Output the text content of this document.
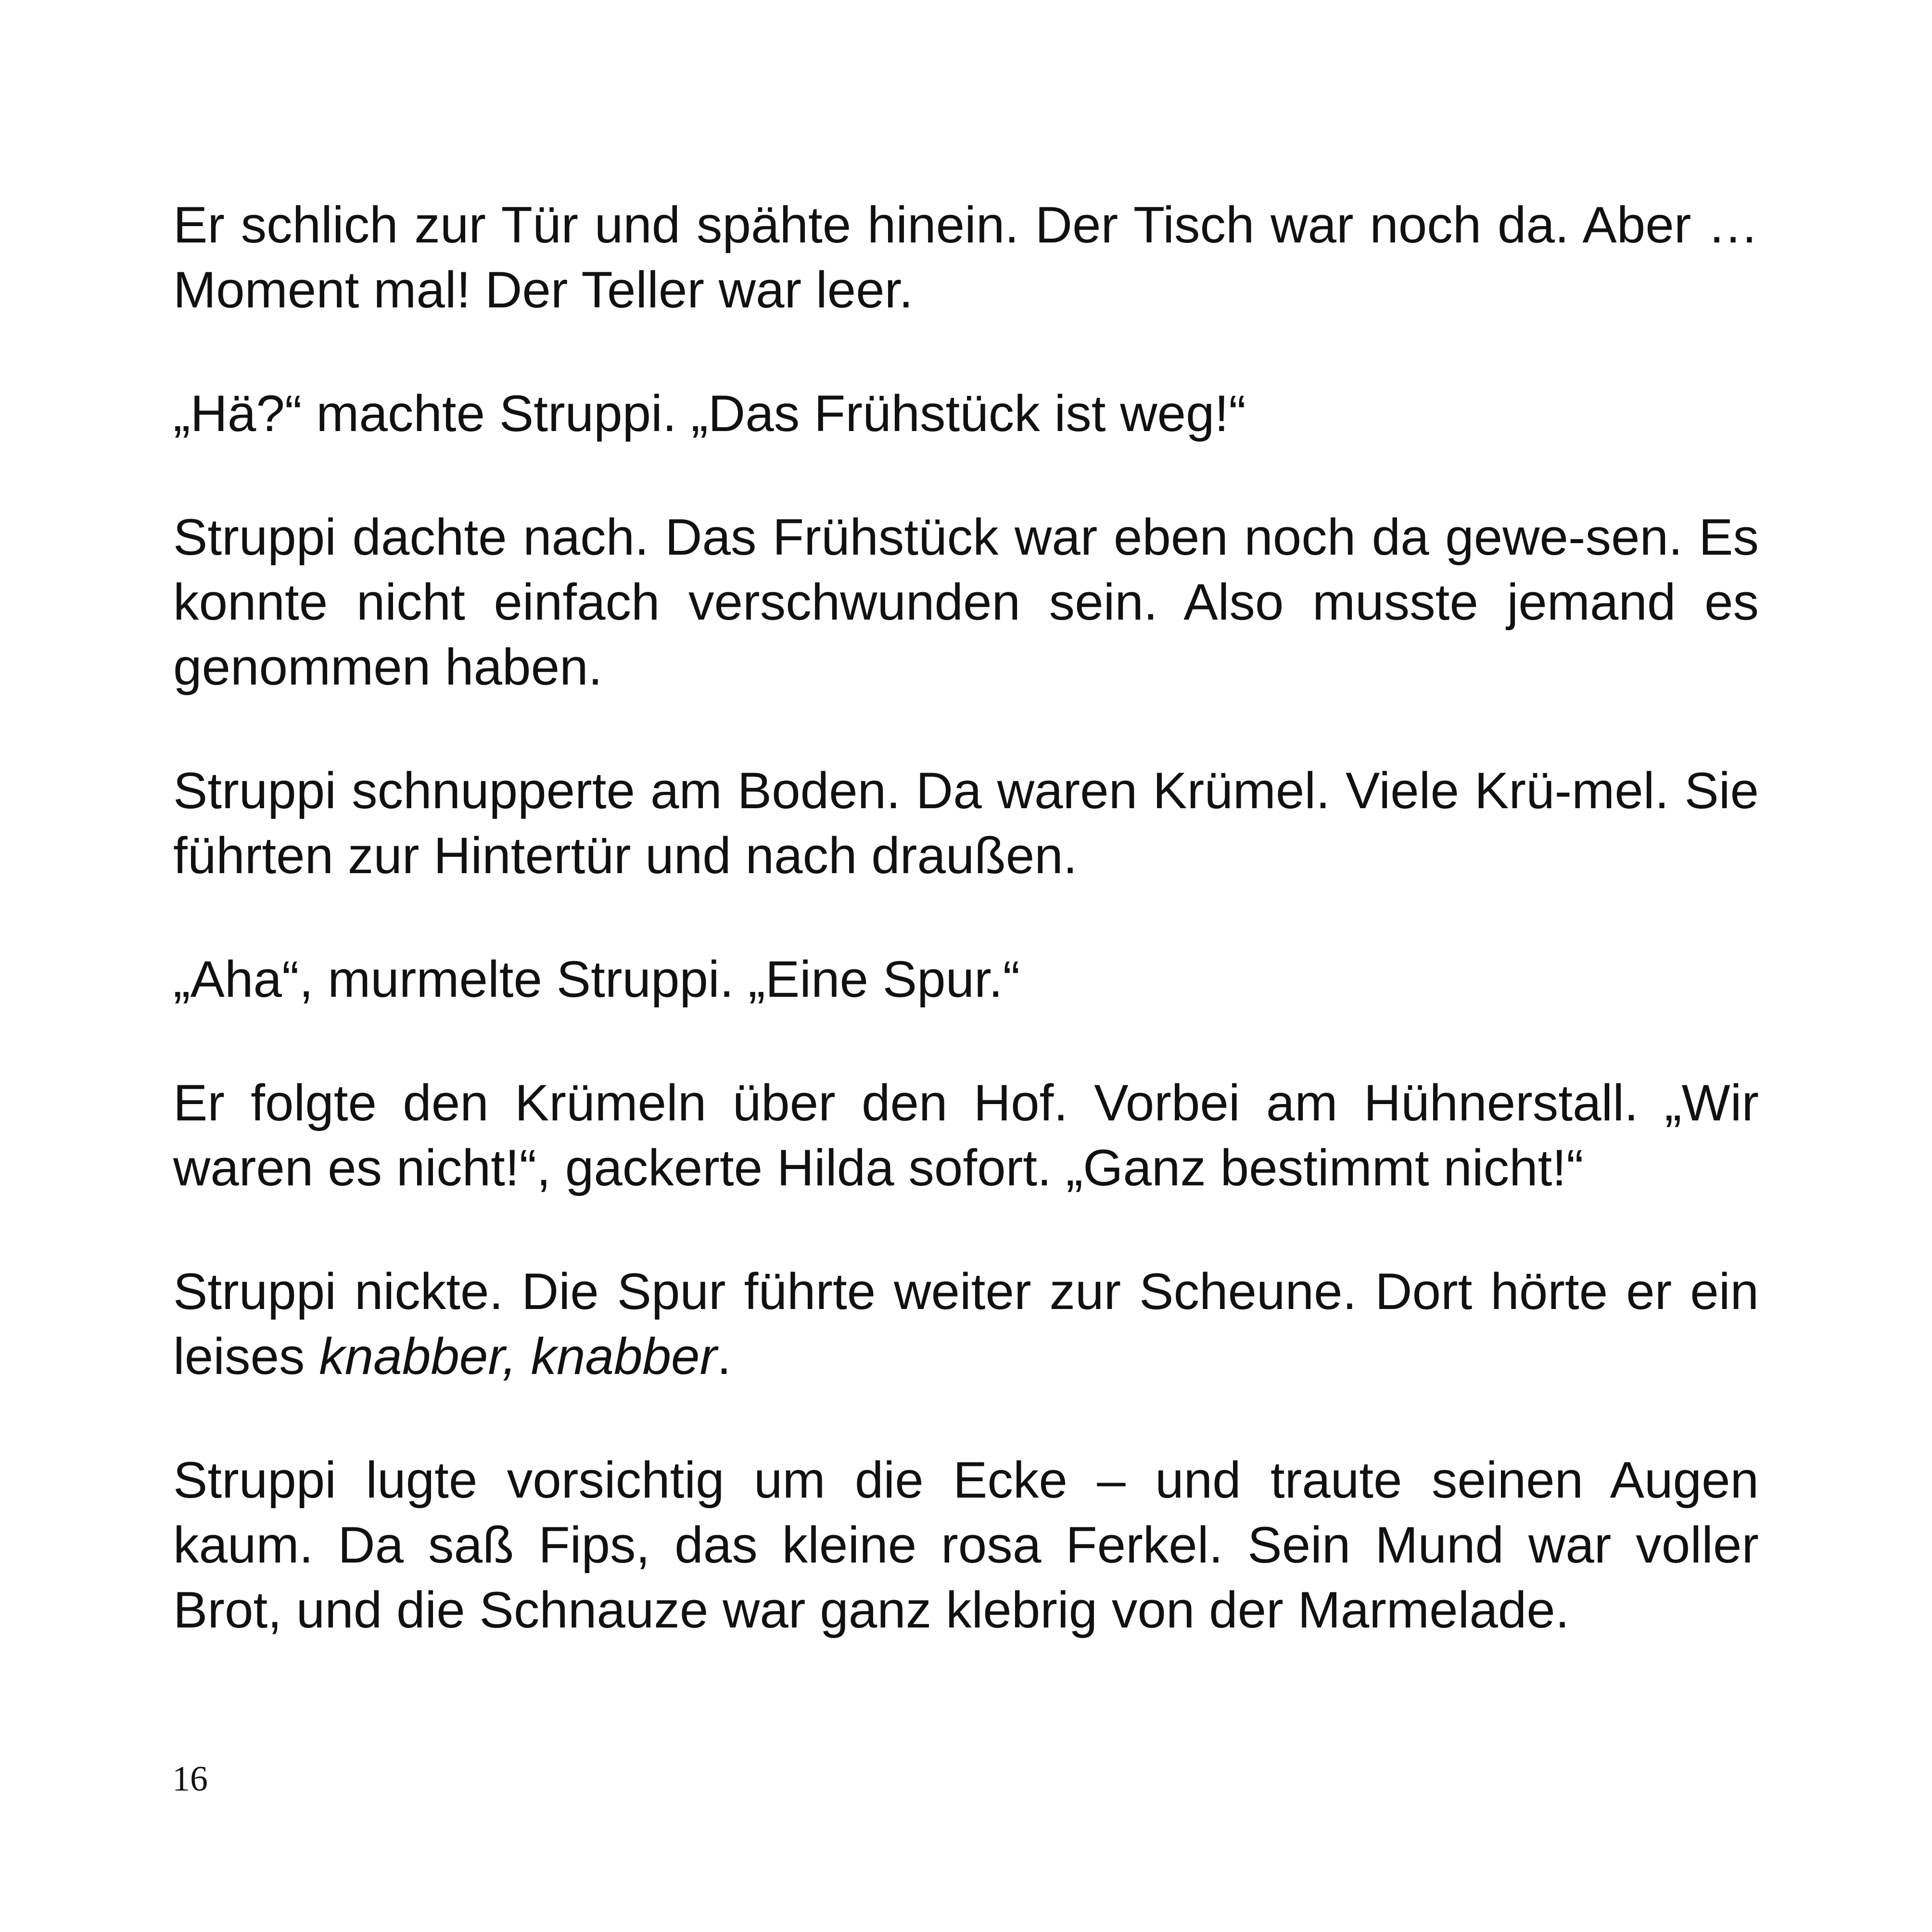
Er schlich zur Tür und spähte hinein. Der Tisch war noch da. Aber … Moment mal! Der Teller war leer.

„Hä?“ machte Struppi. „Das Frühstück ist weg!“

Struppi dachte nach. Das Frühstück war eben noch da gewe-sen. Es konnte nicht einfach verschwunden sein. Also musste jemand es genommen haben.

Struppi schnupperte am Boden. Da waren Krümel. Viele Krü-mel. Sie führten zur Hintertür und nach draußen.

„Aha“, murmelte Struppi. „Eine Spur.“

Er folgte den Krümeln über den Hof. Vorbei am Hühnerstall. „Wir waren es nicht!“, gackerte Hilda sofort. „Ganz bestimmt nicht!“

Struppi nickte. Die Spur führte weiter zur Scheune. Dort hörte er ein leises knabber, knabber.

Struppi lugte vorsichtig um die Ecke – und traute seinen Augen kaum. Da saß Fips, das kleine rosa Ferkel. Sein Mund war voller Brot, und die Schnauze war ganz klebrig von der Marmelade.

16
